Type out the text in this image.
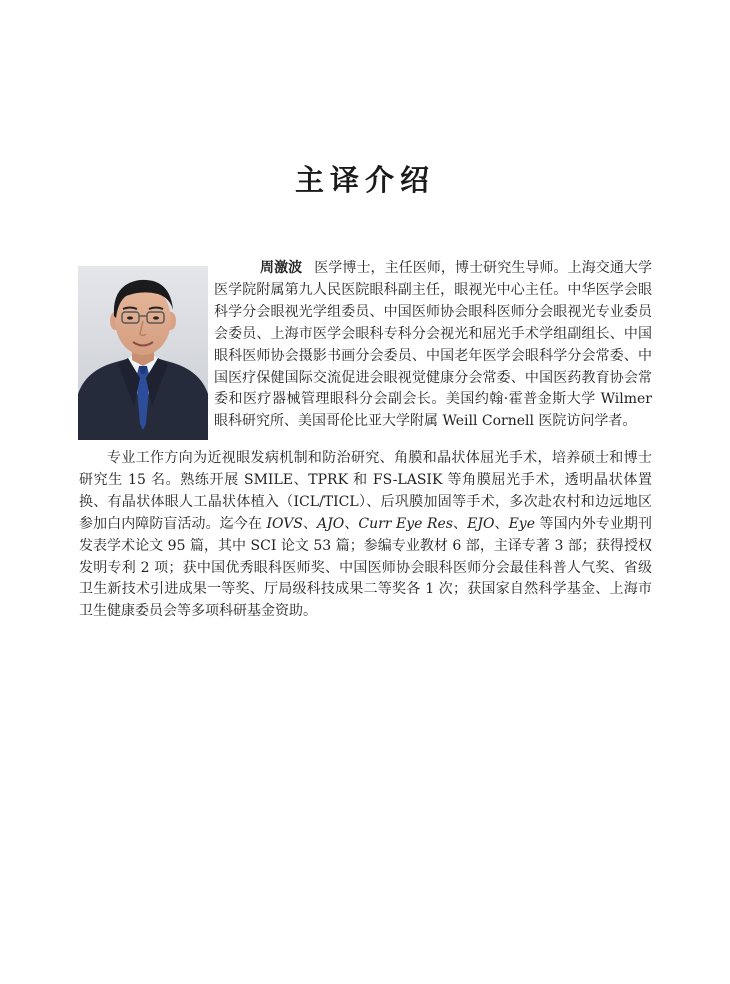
主译介绍

周激波 医学博士，主任医师，博士研究生导师。上海交通大学医学院附属第九人民医院眼科副主任，眼视光中心主任。中华医学会眼科学分会眼视光学组委员、中国医师协会眼科医师分会眼视光专业委员会委员、上海市医学会眼科专科分会视光和屈光手术学组副组长、中国眼科医师协会摄影书画分会委员、中国老年医学会眼科学分会常委、中国医疗保健国际交流促进会眼视觉健康分会常委、中国医药教育协会常委和医疗器械管理眼科分会副会长。美国约翰·霍普金斯大学 Wilmer 眼科研究所、美国哥伦比亚大学附属 Weill Cornell 医院访问学者。

专业工作方向为近视眼发病机制和防治研究、角膜和晶状体屈光手术，培养硕士和博士研究生 15 名。熟练开展 SMILE、TPRK 和 FS-LASIK 等角膜屈光手术，透明晶状体置换、有晶状体眼人工晶状体植入（ICL/TICL）、后巩膜加固等手术，多次赴农村和边远地区参加白内障防盲活动。迄今在 IOVS、AJO、Curr Eye Res、EJO、Eye 等国内外专业期刊发表学术论文 95 篇，其中 SCI 论文 53 篇；参编专业教材 6 部，主译专著 3 部；获得授权发明专利 2 项；获中国优秀眼科医师奖、中国医师协会眼科医师分会最佳科普人气奖、省级卫生新技术引进成果一等奖、厅局级科技成果二等奖各 1 次；获国家自然科学基金、上海市卫生健康委员会等多项科研基金资助。
